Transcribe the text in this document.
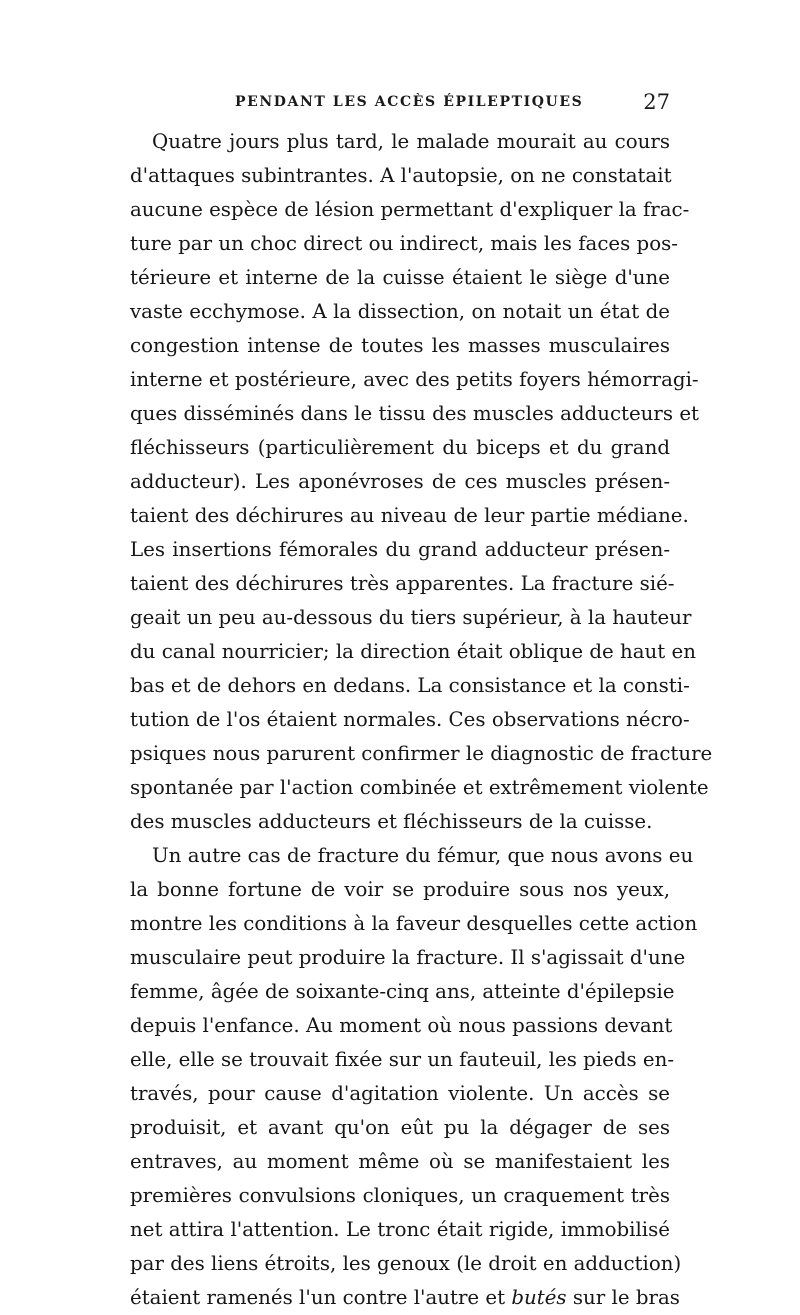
PENDANT LES ACCÈS ÉPILEPTIQUES	27
Quatre jours plus tard, le malade mourait au cours
d'attaques subintrantes. A l'autopsie, on ne constatait
aucune espèce de lésion permettant d'expliquer la frac-
ture par un choc direct ou indirect, mais les faces pos-
térieure et interne de la cuisse étaient le siège d'une
vaste ecchymose. A la dissection, on notait un état de
congestion intense de toutes les masses musculaires
interne et postérieure, avec des petits foyers hémorragi-
ques disséminés dans le tissu des muscles adducteurs et
fléchisseurs (particulièrement du biceps et du grand
adducteur). Les aponévroses de ces muscles présen-
taient des déchirures au niveau de leur partie médiane.
Les insertions fémorales du grand adducteur présen-
taient des déchirures très apparentes. La fracture sié-
geait un peu au-dessous du tiers supérieur, à la hauteur
du canal nourricier; la direction était oblique de haut en
bas et de dehors en dedans. La consistance et la consti-
tution de l'os étaient normales. Ces observations nécro-
psiques nous parurent confirmer le diagnostic de fracture
spontanée par l'action combinée et extrêmement violente
des muscles adducteurs et fléchisseurs de la cuisse.
Un autre cas de fracture du fémur, que nous avons eu
la bonne fortune de voir se produire sous nos yeux,
montre les conditions à la faveur desquelles cette action
musculaire peut produire la fracture. Il s'agissait d'une
femme, âgée de soixante-cinq ans, atteinte d'épilepsie
depuis l'enfance. Au moment où nous passions devant
elle, elle se trouvait fixée sur un fauteuil, les pieds en-
través, pour cause d'agitation violente. Un accès se
produisit, et avant qu'on eût pu la dégager de ses
entraves, au moment même où se manifestaient les
premières convulsions cloniques, un craquement très
net attira l'attention. Le tronc était rigide, immobilisé
par des liens étroits, les genoux (le droit en adduction)
étaient ramenés l'un contre l'autre et butés sur le bras
